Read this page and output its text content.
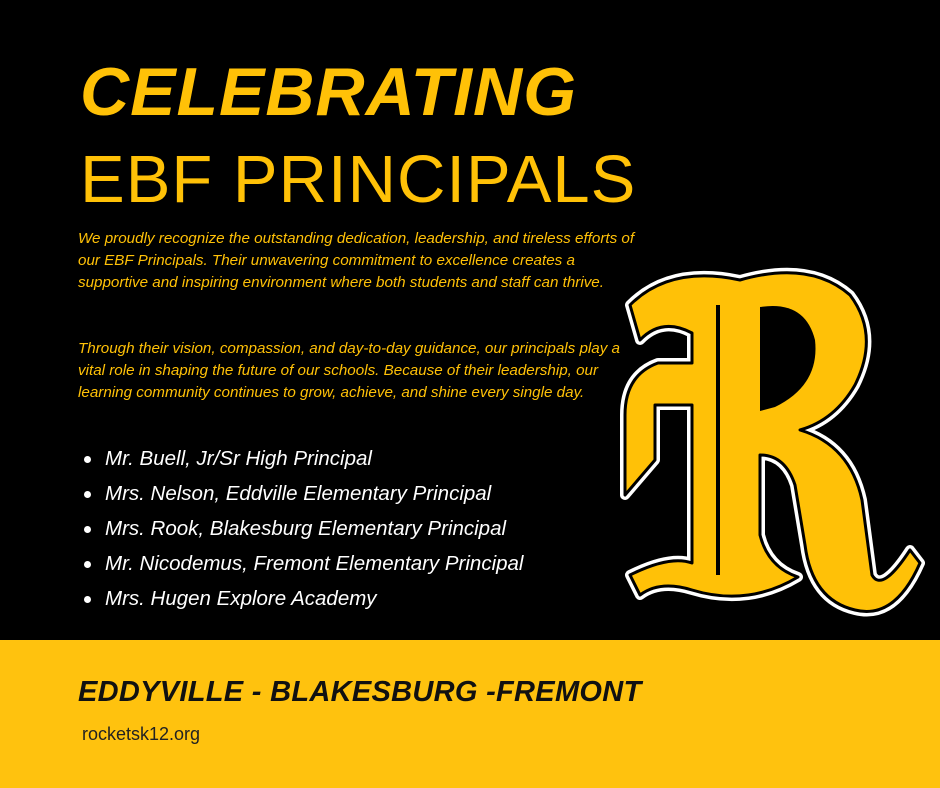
CELEBRATING
EBF PRINCIPALS

We proudly recognize the outstanding dedication, leadership, and tireless efforts of our EBF Principals. Their unwavering commitment to excellence creates a supportive and inspiring environment where both students and staff can thrive.

Through their vision, compassion, and day-to-day guidance, our principals play a vital role in shaping the future of our schools. Because of their leadership, our learning community continues to grow, achieve, and shine every single day.

Mr. Buell, Jr/Sr High Principal
Mrs. Nelson, Eddville Elementary Principal
Mrs. Rook, Blakesburg Elementary Principal
Mr. Nicodemus, Fremont Elementary Principal
Mrs. Hugen Explore Academy
EDDYVILLE - BLAKESBURG -FREMONT
rocketsk12.org
